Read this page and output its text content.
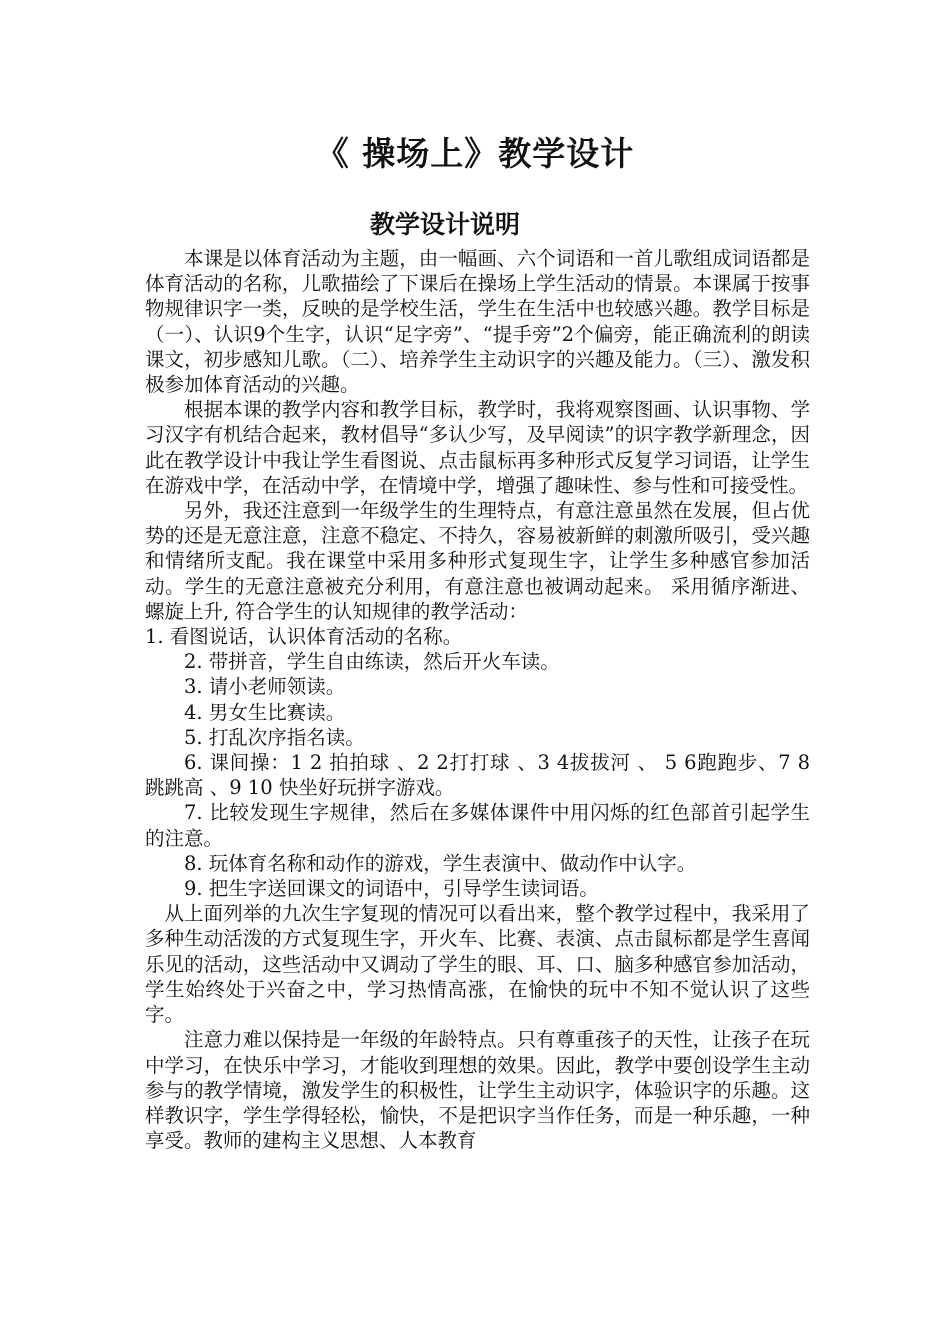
《 操场上》教学设计
教学设计说明

本课是以体育活动为主题，由一幅画、六个词语和一首儿歌组成词语都是体育活动的名称，儿歌描绘了下课后在操场上学生活动的情景。本课属于按事物规律识字一类，反映的是学校生活，学生在生活中也较感兴趣。教学目标是（一）、认识9个生字，认识“足字旁”、“提手旁”2个偏旁，能正确流利的朗读课文，初步感知儿歌。（二）、培养学生主动识字的兴趣及能力。（三）、激发积极参加体育活动的兴趣。

根据本课的教学内容和教学目标，教学时，我将观察图画、认识事物、学习汉字有机结合起来，教材倡导“多认少写，及早阅读”的识字教学新理念，因此在教学设计中我让学生看图说、点击鼠标再多种形式反复学习词语，让学生在游戏中学，在活动中学，在情境中学，增强了趣味性、参与性和可接受性。

另外，我还注意到一年级学生的生理特点，有意注意虽然在发展，但占优势的还是无意注意，注意不稳定、不持久，容易被新鲜的刺激所吸引，受兴趣和情绪所支配。我在课堂中采用多种形式复现生字，让学生多种感官参加活动。学生的无意注意被充分利用，有意注意也被调动起来。 采用循序渐进、螺旋上升, 符合学生的认知规律的教学活动：

1. 看图说话，认识体育活动的名称。

2. 带拼音，学生自由练读，然后开火车读。

3. 请小老师领读。

4. 男女生比赛读。

5. 打乱次序指名读。

6. 课间操：1 2 拍拍球 、2 2打打球 、3 4拔拔河 、 5 6跑跑步、7 8 跳跳高 、9 10 快坐好玩拼字游戏。

7. 比较发现生字规律，然后在多媒体课件中用闪烁的红色部首引起学生的注意。

8. 玩体育名称和动作的游戏，学生表演中、做动作中认字。

9. 把生字送回课文的词语中，引导学生读词语。

从上面列举的九次生字复现的情况可以看出来，整个教学过程中，我采用了多种生动活泼的方式复现生字，开火车、比赛、表演、点击鼠标都是学生喜闻乐见的活动，这些活动中又调动了学生的眼、耳、口、脑多种感官参加活动，学生始终处于兴奋之中，学习热情高涨，在愉快的玩中不知不觉认识了这些字。

注意力难以保持是一年级的年龄特点。只有尊重孩子的天性，让孩子在玩中学习，在快乐中学习，才能收到理想的效果。因此，教学中要创设学生主动参与的教学情境，激发学生的积极性，让学生主动识字，体验识字的乐趣。这样教识字，学生学得轻松，愉快，不是把识字当作任务，而是一种乐趣，一种享受。教师的建构主义思想、人本教育
